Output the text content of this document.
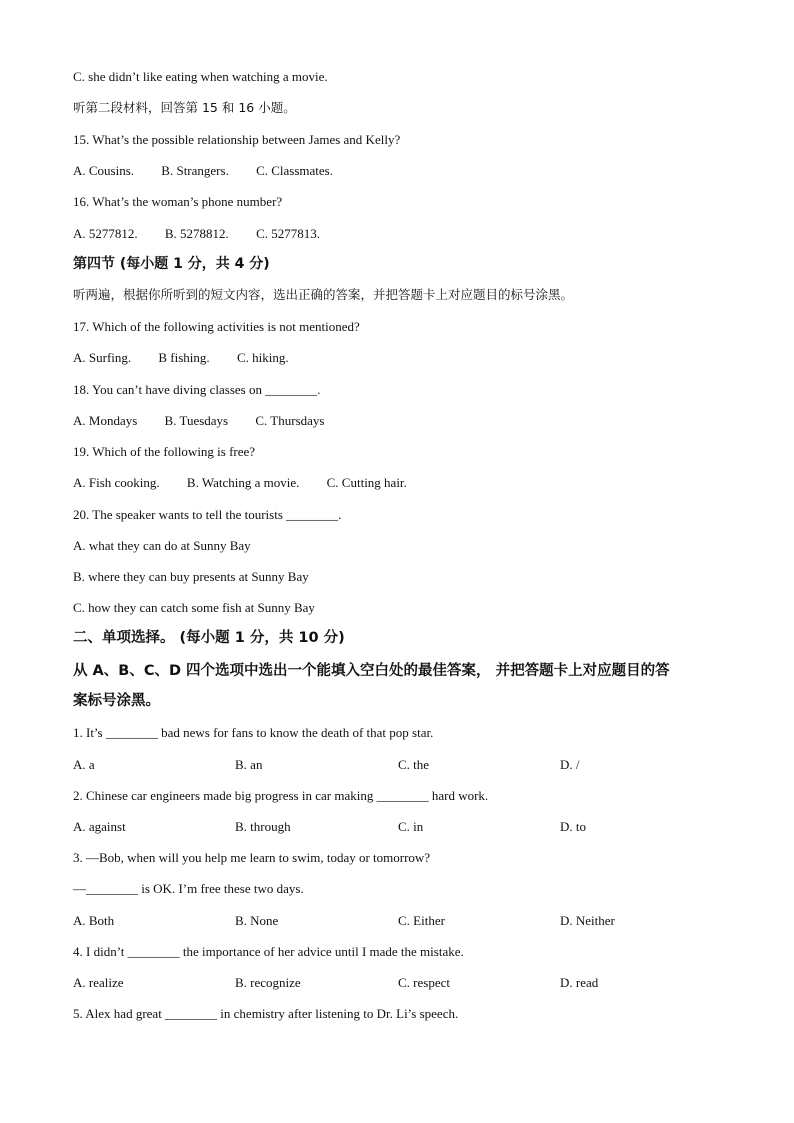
C. she didn’t like eating when watching a movie.
听第二段材料，回答第 15 和 16 小题。
15. What’s the possible relationship between James and Kelly?
A. Cousins. B. Strangers. C. Classmates.
16. What’s the woman’s phone number?
A. 5277812. B. 5278812. C. 5277813.
第四节 (每小题 1 分，共 4 分)
听两遍，根据你所听到的短文内容，选出正确的答案，并把答题卡上对应题目的标号涂黑。
17. Which of the following activities is not mentioned?
A. Surfing. B fishing. C. hiking.
18. You can’t have diving classes on ________.
A. Mondays B. Tuesdays C. Thursdays
19. Which of the following is free?
A. Fish cooking. B. Watching a movie. C. Cutting hair.
20. The speaker wants to tell the tourists ________.
A. what they can do at Sunny Bay
B. where they can buy presents at Sunny Bay
C. how they can catch some fish at Sunny Bay
二、单项选择。 (每小题 1 分，共 10 分)
从 A、B、C、D 四个选项中选出一个能填入空白处的最佳答案， 并把答题卡上对应题目的答
案标号涂黑。
1. It’s ________ bad news for fans to know the death of that pop star.
A. a	B. an	C. the	D. /
2. Chinese car engineers made big progress in car making ________ hard work.
A. against	B. through	C. in	D. to
3. —Bob, when will you help me learn to swim, today or tomorrow?
—________ is OK. I’m free these two days.
A. Both	B. None	C. Either	D. Neither
4. I didn’t ________ the importance of her advice until I made the mistake.
A. realize	B. recognize	C. respect	D. read
5. Alex had great ________ in chemistry after listening to Dr. Li’s speech.
